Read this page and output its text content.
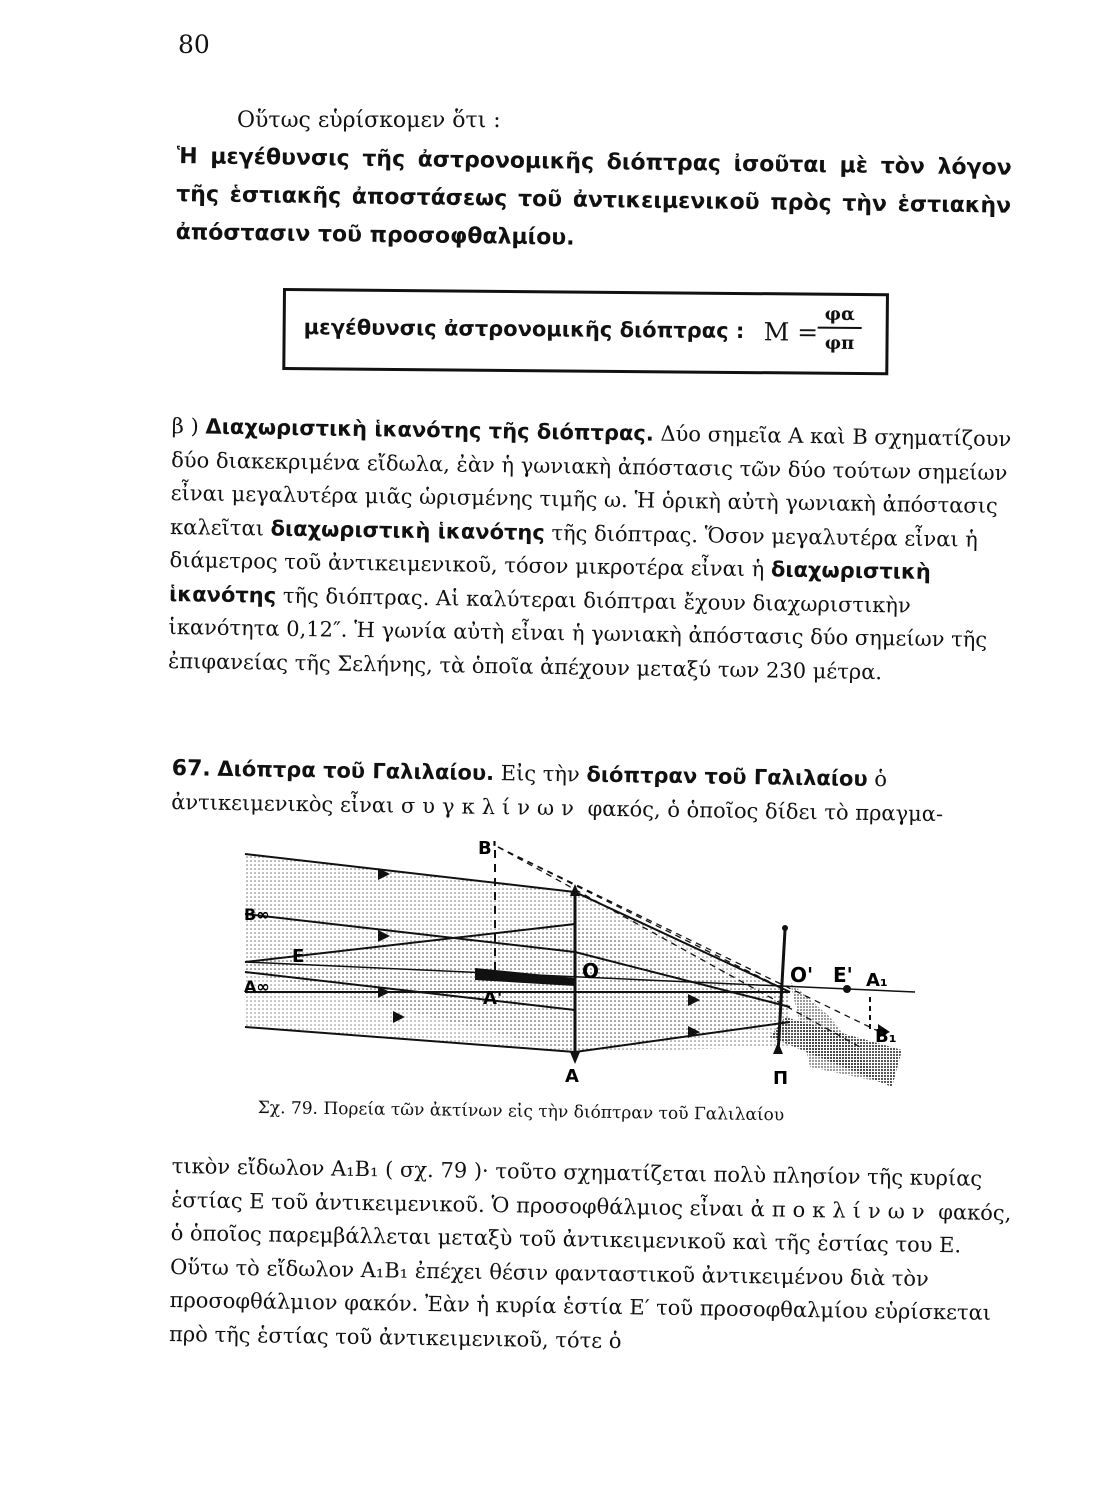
80
Οὕτως εὑρίσκομεν ὅτι :

Ἡ μεγέθυνσις τῆς ἀστρονομικῆς διόπτρας ἰσοῦται μὲ τὸν λόγον τῆς ἑστιακῆς ἀποστάσεως τοῦ ἀντικειμενικοῦ πρὸς τὴν ἑστιακὴν ἀπόστασιν τοῦ προσοφθαλμίου.

μεγέθυνσις ἀστρονομικῆς διόπτρας : $M = \frac{\varphi\alpha}{\varphi\pi}$

β ) Διαχωριστικὴ ἱκανότης τῆς διόπτρας. Δύο σημεῖα A καὶ B σχηματίζουν δύο διακεκριμένα εἴδωλα, ἐὰν ἡ γωνιακὴ ἀπόστασις τῶν δύο τούτων σημείων εἶναι μεγαλυτέρα μιᾶς ὡρισμένης τιμῆς ω. Ἡ ὁρικὴ αὐτὴ γωνιακὴ ἀπόστασις καλεῖται διαχωριστικὴ ἱκανότης τῆς διόπτρας. Ὅσον μεγαλυτέρα εἶναι ἡ διάμετρος τοῦ ἀντικειμενικοῦ, τόσον μικροτέρα εἶναι ἡ διαχωριστικὴ ἱκανότης τῆς διόπτρας. Αἱ καλύτεραι διόπτραι ἔχουν διαχωριστικὴν ἱκανότητα 0,12″. Ἡ γωνία αὐτὴ εἶναι ἡ γωνιακὴ ἀπόστασις δύο σημείων τῆς ἐπιφανείας τῆς Σελήνης, τὰ ὁποῖα ἀπέχουν μεταξύ των 230 μέτρα.

67. Διόπτρα τοῦ Γαλιλαίου. Εἰς τὴν διόπτραν τοῦ Γαλιλαίου ὁ ἀντικειμενικὸς εἶναι συγκλίνων φακός, ὁ ὁποῖος δίδει τὸ πραγμα-

B'
B∞
E
A∞
A'
O	O' E' A₁
B₁
A	Π
Σχ. 79. Πορεία τῶν ἀκτίνων εἰς τὴν διόπτραν τοῦ Γαλιλαίου

τικὸν εἴδωλον A₁B₁ ( σχ. 79 )· τοῦτο σχηματίζεται πολὺ πλησίον τῆς κυρίας ἑστίας E τοῦ ἀντικειμενικοῦ. Ὁ προσοφθάλμιος εἶναι ἀποκλίνων φακός, ὁ ὁποῖος παρεμβάλλεται μεταξὺ τοῦ ἀντικειμενικοῦ καὶ τῆς ἑστίας του E. Οὕτω τὸ εἴδωλον A₁B₁ ἐπέχει θέσιν φανταστικοῦ ἀντικειμένου διὰ τὸν προσοφθάλμιον φακόν. Ἐὰν ἡ κυρία ἑστία E′ τοῦ προσοφθαλμίου εὑρίσκεται πρὸ τῆς ἑστίας τοῦ ἀντικειμενικοῦ, τότε ὁ
